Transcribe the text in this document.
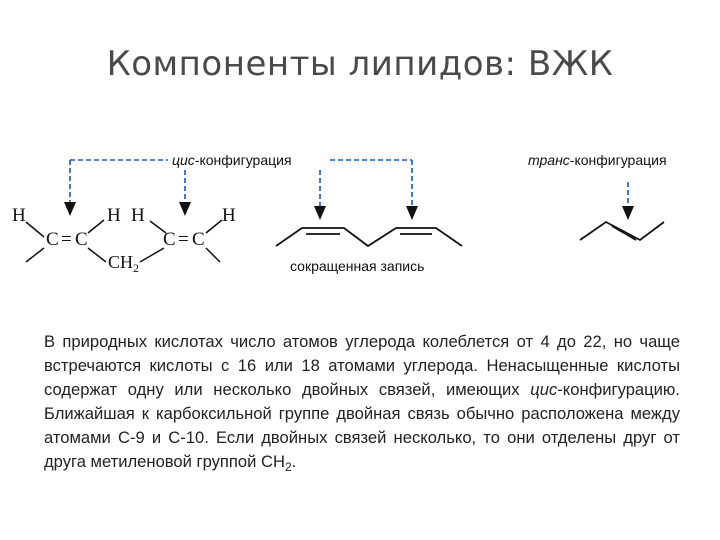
Компоненты липидов: ВЖК
цис-конфигурация	транс-конфигурация
H
C = C
H H
C = C
H
$CH_2$	сокращенная запись
В природных кислотах число атомов углерода колеблется от 4 до 22, но чаще встречаются кислоты с 16 или 18 атомами углерода. Ненасыщенные кислоты содержат одну или несколько двойных связей, имеющих цис-конфигурацию. Ближайшая к карбоксильной группе двойная связь обычно расположена между атомами С-9 и С-10. Если двойных связей несколько, то они отделены друг от друга метиленовой группой $СН_2$.
